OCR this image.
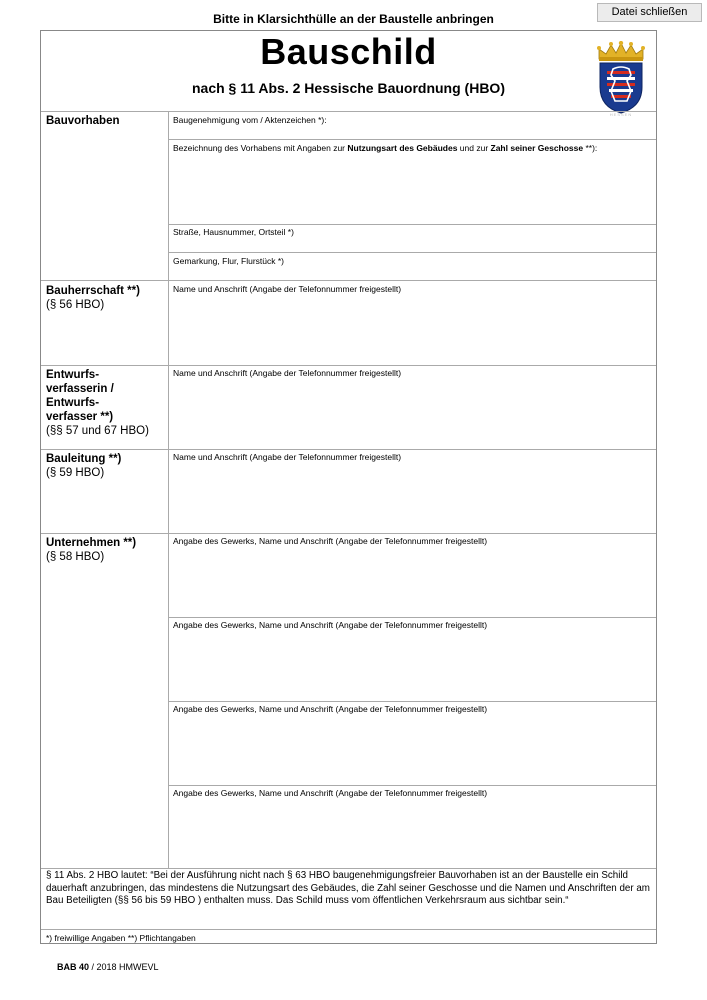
Bitte in Klarsichthülle an der Baustelle anbringen	Datei schließen
Bauschild
nach § 11 Abs. 2 Hessische Bauordnung (HBO)
HESSEN
Bauvorhaben	Baugenehmigung vom / Aktenzeichen *):
Bezeichnung des Vorhabens mit Angaben zur Nutzungsart des Gebäudes und zur Zahl seiner Geschosse **):
Straße, Hausnummer, Ortsteil *)
Gemarkung, Flur, Flurstück *)
Bauherrschaft **)
(§ 56 HBO)
Name und Anschrift (Angabe der Telefonnummer freigestellt)
Entwurfs-
verfasserin /
Entwurfs-
verfasser **)
(§§ 57 und 67 HBO)
Name und Anschrift (Angabe der Telefonnummer freigestellt)
Bauleitung **)
(§ 59 HBO)
Name und Anschrift (Angabe der Telefonnummer freigestellt)
Unternehmen **)
(§ 58 HBO)
Angabe des Gewerks, Name und Anschrift (Angabe der Telefonnummer freigestellt)
Angabe des Gewerks, Name und Anschrift (Angabe der Telefonnummer freigestellt)
Angabe des Gewerks, Name und Anschrift (Angabe der Telefonnummer freigestellt)
Angabe des Gewerks, Name und Anschrift (Angabe der Telefonnummer freigestellt)
§ 11 Abs. 2 HBO lautet: “Bei der Ausführung nicht nach § 63 HBO baugenehmigungsfreier Bauvorhaben ist an der Baustelle ein Schild dauerhaft anzubringen, das mindestens die Nutzungsart des Gebäudes, die Zahl seiner Geschosse und die Namen und Anschriften der am Bau Beteiligten (§§ 56 bis 59 HBO ) enthalten muss. Das Schild muss vom öffentlichen Verkehrsraum aus sichtbar sein.“
*) freiwillige Angaben **) Pflichtangaben
BAB 40 / 2018 HMWEVL
